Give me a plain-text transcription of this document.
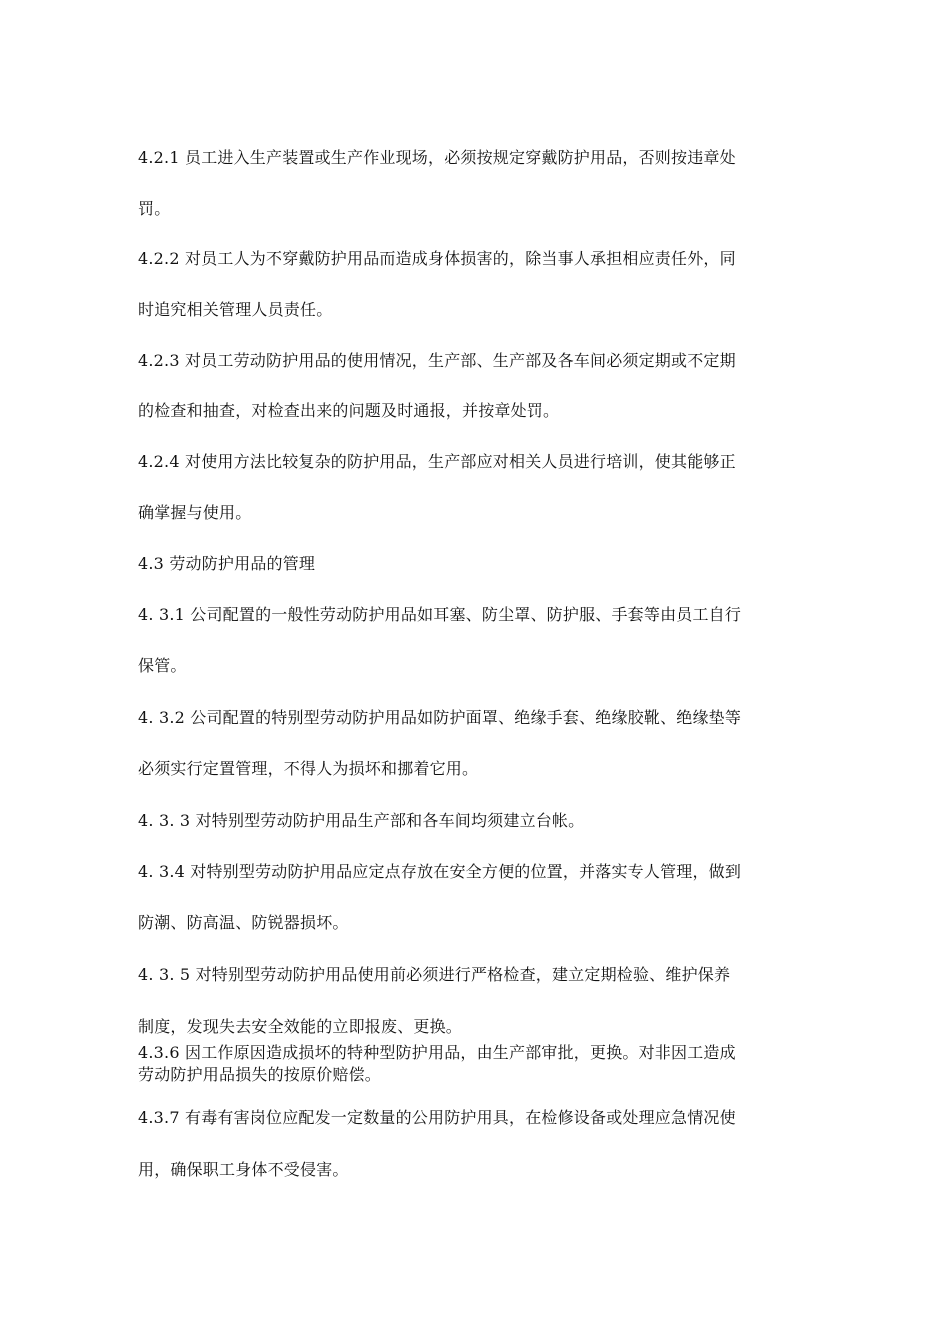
4.2.1 员工进入生产装置或生产作业现场，必须按规定穿戴防护用品，否则按违章处
罚。
4.2.2 对员工人为不穿戴防护用品而造成身体损害的，除当事人承担相应责任外，同
时追究相关管理人员责任。
4.2.3 对员工劳动防护用品的使用情况，生产部、生产部及各车间必须定期或不定期
的检查和抽查，对检查出来的问题及时通报，并按章处罚。
4.2.4 对使用方法比较复杂的防护用品，生产部应对相关人员进行培训，使其能够正
确掌握与使用。
4.3 劳动防护用品的管理
4. 3.1 公司配置的一般性劳动防护用品如耳塞、防尘罩、防护服、手套等由员工自行
保管。
4. 3.2 公司配置的特别型劳动防护用品如防护面罩、绝缘手套、绝缘胶靴、绝缘垫等
必须实行定置管理，不得人为损坏和挪着它用。
4. 3. 3 对特别型劳动防护用品生产部和各车间均须建立台帐。
4. 3.4 对特别型劳动防护用品应定点存放在安全方便的位置，并落实专人管理，做到
防潮、防高温、防锐器损坏。
4. 3. 5 对特别型劳动防护用品使用前必须进行严格检查，建立定期检验、维护保养
制度，发现失去安全效能的立即报废、更换。
4.3.6 因工作原因造成损坏的特种型防护用品，由生产部审批，更换。对非因工造成
劳动防护用品损失的按原价赔偿。
4.3.7 有毒有害岗位应配发一定数量的公用防护用具，在检修设备或处理应急情况使
用，确保职工身体不受侵害。
